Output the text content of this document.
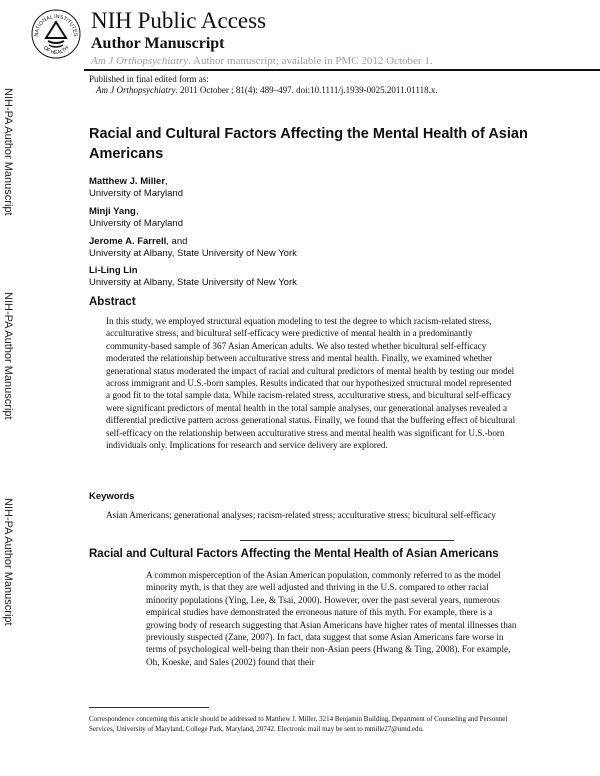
NATIONAL INSTITUTES
OF HEALTH
NIH Public Access
Author Manuscript
Am J Orthopsychiatry. Author manuscript; available in PMC 2012 October 1.
Published in final edited form as:
Am J Orthopsychiatry. 2011 October ; 81(4): 489–497. doi:10.1111/j.1939-0025.2011.01118.x.
NIH-PA Author Manuscript
NIH-PA Author Manuscript
NIH-PA Author Manuscript
Racial and Cultural Factors Affecting the Mental Health of Asian Americans
Matthew J. Miller,
University of Maryland
Minji Yang,
University of Maryland
Jerome A. Farrell, and
University at Albany, State University of New York
Li-Ling Lin
University at Albany, State University of New York
Abstract
In this study, we employed structural equation modeling to test the degree to which racism-related stress, acculturative stress, and bicultural self-efficacy were predictive of mental health in a predominantly community-based sample of 367 Asian American adults. We also tested whether bicultural self-efficacy moderated the relationship between acculturative stress and mental health. Finally, we examined whether generational status moderated the impact of racial and cultural predictors of mental health by testing our model across immigrant and U.S.-born samples. Results indicated that our hypothesized structural model represented a good fit to the total sample data. While racism-related stress, acculturative stress, and bicultural self-efficacy were significant predictors of mental health in the total sample analyses, our generational analyses revealed a differential predictive pattern across generational status. Finally, we found that the buffering effect of bicultural self-efficacy on the relationship between acculturative stress and mental health was significant for U.S.-born individuals only. Implications for research and service delivery are explored.
Keywords
Asian Americans; generational analyses; racism-related stress; acculturative stress; bicultural self-efficacy
Racial and Cultural Factors Affecting the Mental Health of Asian Americans
A common misperception of the Asian American population, commonly referred to as the model minority myth, is that they are well adjusted and thriving in the U.S. compared to other racial minority populations (Ying, Lee, & Tsai, 2000). However, over the past several years, numerous empirical studies have demonstrated the erroneous nature of this myth. For example, there is a growing body of research suggesting that Asian Americans have higher rates of mental illnesses than previously suspected (Zane, 2007). In fact, data suggest that some Asian Americans fare worse in terms of psychological well-being than their non-Asian peers (Hwang & Ting, 2008). For example, Oh, Koeske, and Sales (2002) found that their
Correspondence concerning this article should be addressed to Matthew J. Miller, 3214 Benjamin Building, Department of Counseling and Personnel Services, University of Maryland, College Park, Maryland, 20742. Electronic mail may be sent to mmille27@umd.edu.
